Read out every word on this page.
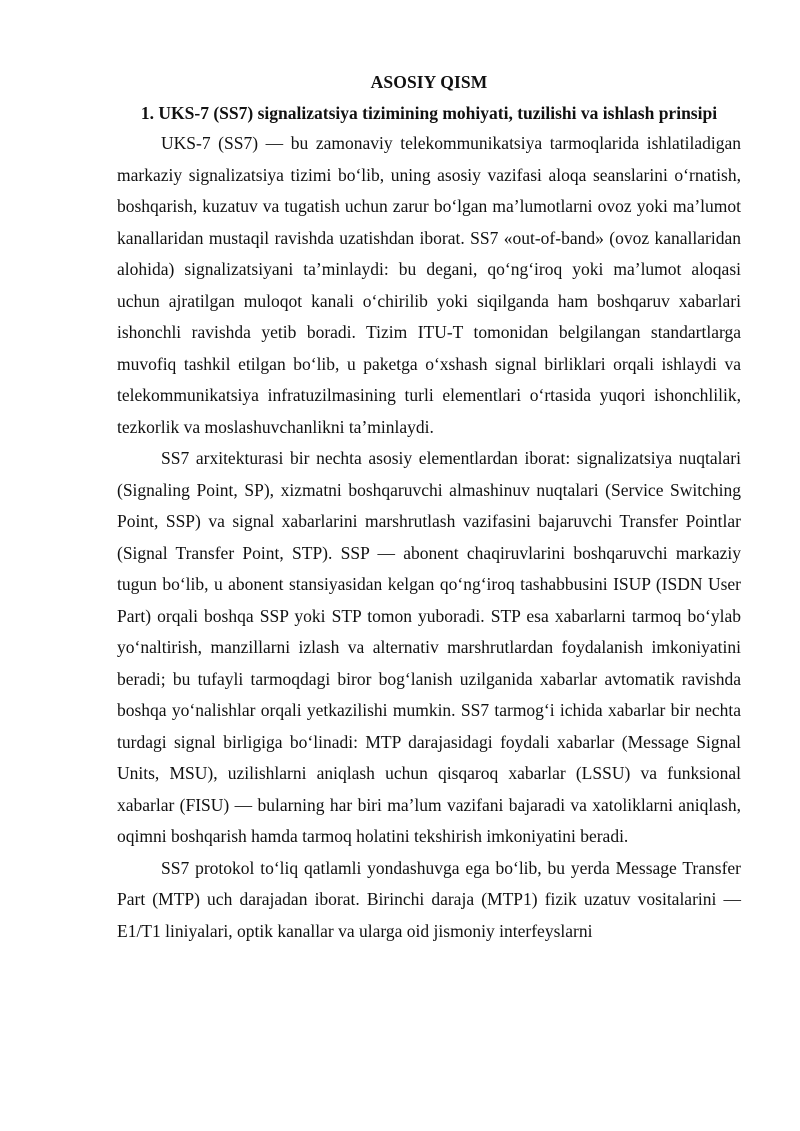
ASOSIY QISM
1. UKS-7 (SS7) signalizatsiya tizimining mohiyati, tuzilishi va ishlash prinsipi

UKS-7 (SS7) — bu zamonaviy telekommunikatsiya tarmoqlarida ishlatiladigan markaziy signalizatsiya tizimi bo‘lib, uning asosiy vazifasi aloqa seanslarini o‘rnatish, boshqarish, kuzatuv va tugatish uchun zarur bo‘lgan ma’lumotlarni ovoz yoki ma’lumot kanallaridan mustaqil ravishda uzatishdan iborat. SS7 «out-of-band» (ovoz kanallaridan alohida) signalizatsiyani ta’minlaydi: bu degani, qo‘ng‘iroq yoki ma’lumot aloqasi uchun ajratilgan muloqot kanali o‘chirilib yoki siqilganda ham boshqaruv xabarlari ishonchli ravishda yetib boradi. Tizim ITU-T tomonidan belgilangan standartlarga muvofiq tashkil etilgan bo‘lib, u paketga o‘xshash signal birliklari orqali ishlaydi va telekommunikatsiya infratuzilmasining turli elementlari o‘rtasida yuqori ishonchlilik, tezkorlik va moslashuvchanlikni ta’minlaydi.

SS7 arxitekturasi bir nechta asosiy elementlardan iborat: signalizatsiya nuqtalari (Signaling Point, SP), xizmatni boshqaruvchi almashinuv nuqtalari (Service Switching Point, SSP) va signal xabarlarini marshrutlash vazifasini bajaruvchi Transfer Pointlar (Signal Transfer Point, STP). SSP — abonent chaqiruvlarini boshqaruvchi markaziy tugun bo‘lib, u abonent stansiyasidan kelgan qo‘ng‘iroq tashabbusini ISUP (ISDN User Part) orqali boshqa SSP yoki STP tomon yuboradi. STP esa xabarlarni tarmoq bo‘ylab yo‘naltirish, manzillarni izlash va alternativ marshrutlardan foydalanish imkoniyatini beradi; bu tufayli tarmoqdagi biror bog‘lanish uzilganida xabarlar avtomatik ravishda boshqa yo‘nalishlar orqali yetkazilishi mumkin. SS7 tarmog‘i ichida xabarlar bir nechta turdagi signal birligiga bo‘linadi: MTP darajasidagi foydali xabarlar (Message Signal Units, MSU), uzilishlarni aniqlash uchun qisqaroq xabarlar (LSSU) va funksional xabarlar (FISU) — bularning har biri ma’lum vazifani bajaradi va xatoliklarni aniqlash, oqimni boshqarish hamda tarmoq holatini tekshirish imkoniyatini beradi.

SS7 protokol to‘liq qatlamli yondashuvga ega bo‘lib, bu yerda Message Transfer Part (MTP) uch darajadan iborat. Birinchi daraja (MTP1) fizik uzatuv vositalarini — E1/T1 liniyalari, optik kanallar va ularga oid jismoniy interfeyslarni
